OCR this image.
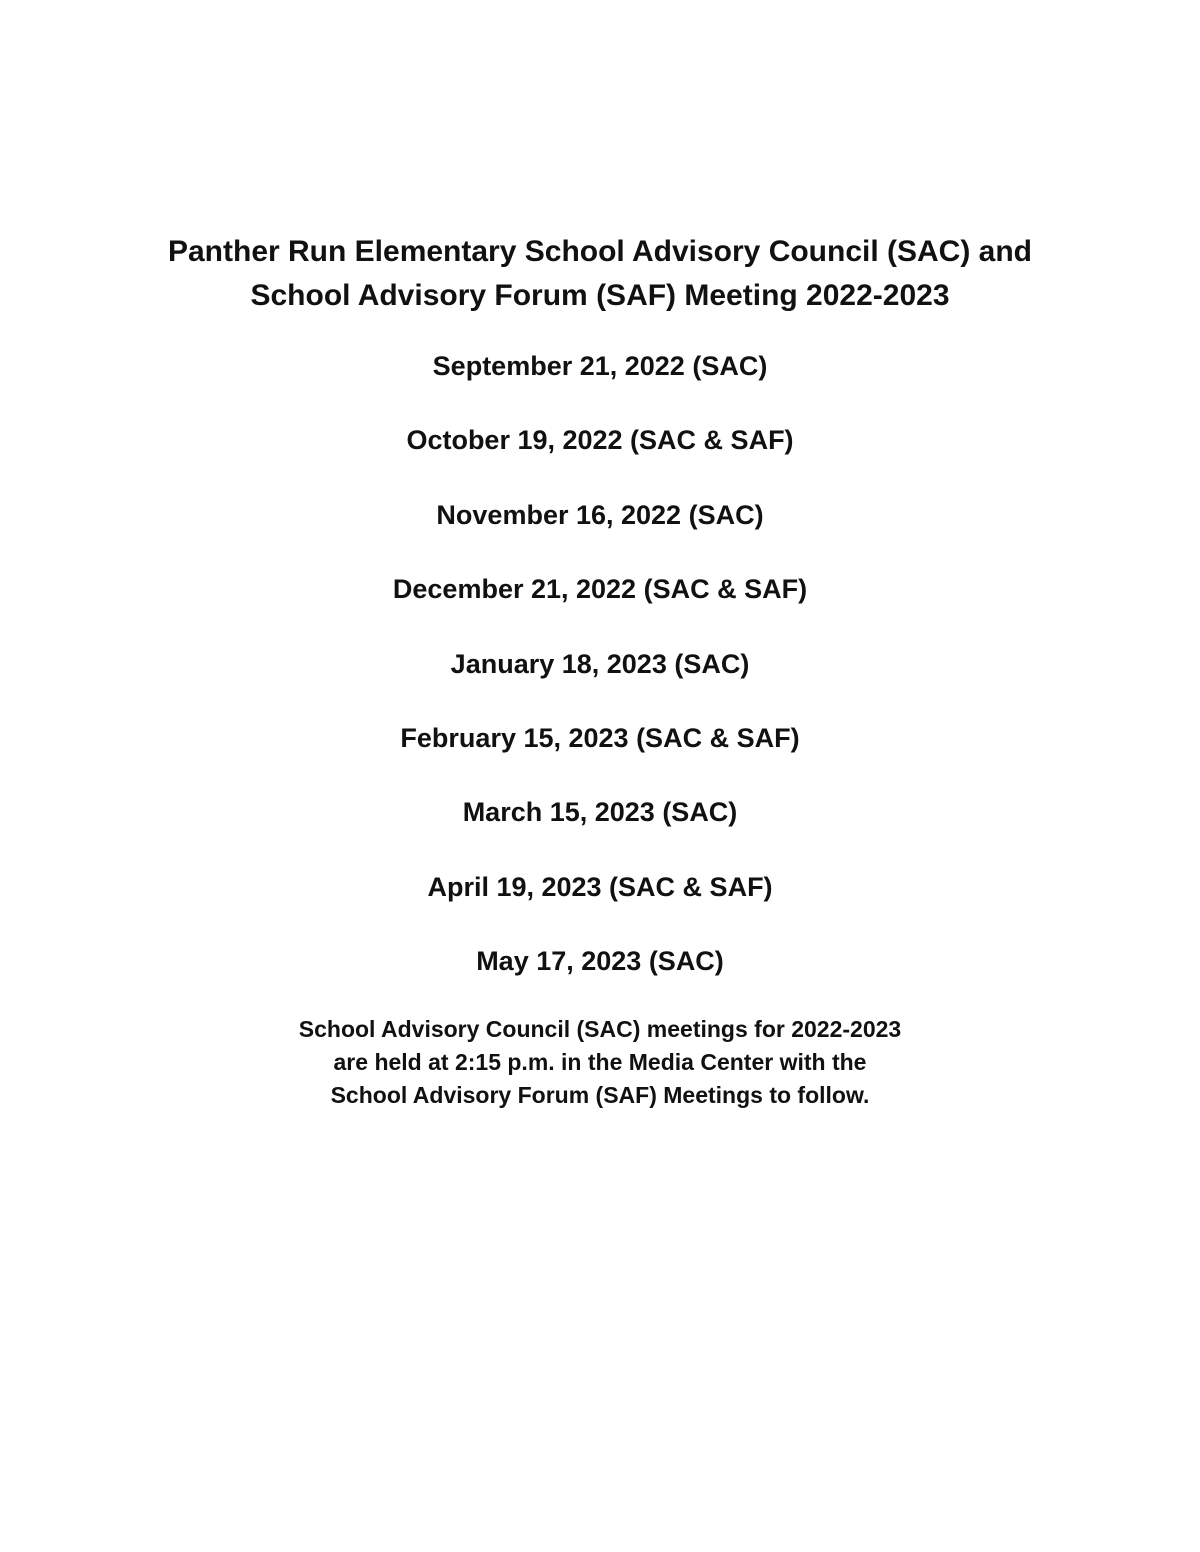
Panther Run Elementary School Advisory Council (SAC) and
School Advisory Forum (SAF) Meeting 2022-2023
September 21, 2022 (SAC)
October 19, 2022 (SAC & SAF)
November 16, 2022 (SAC)
December 21, 2022 (SAC & SAF)
January 18, 2023 (SAC)
February 15, 2023 (SAC & SAF)
March 15, 2023 (SAC)
April 19, 2023 (SAC & SAF)
May 17, 2023 (SAC)

School Advisory Council (SAC) meetings for 2022-2023
are held at 2:15 p.m. in the Media Center with the
School Advisory Forum (SAF) Meetings to follow.
